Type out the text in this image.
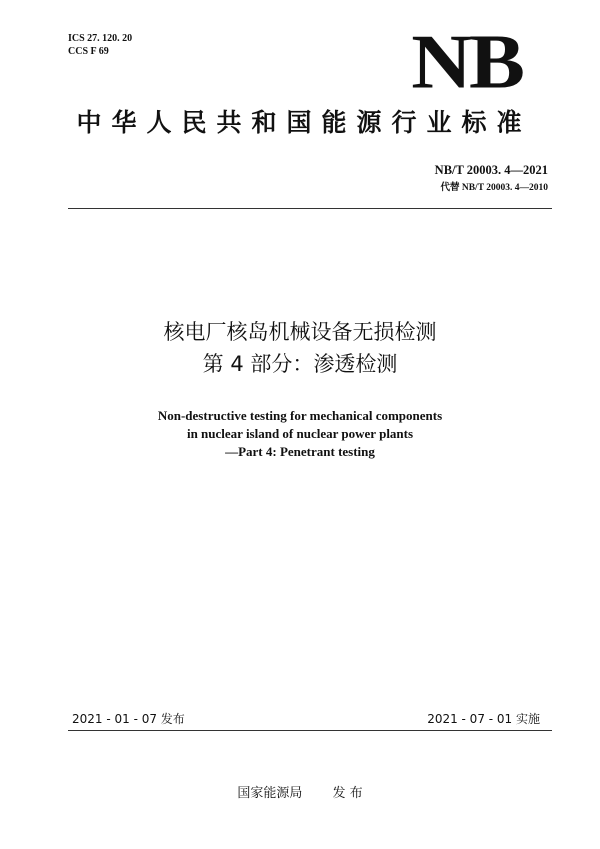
ICS 27. 120. 20
CCS F 69	NB
中华人民共和国能源行业标准
NB/T 20003. 4—2021
代替 NB/T 20003. 4—2010
核电厂核岛机械设备无损检测
第 4 部分：渗透检测
Non-destructive testing for mechanical components
in nuclear island of nuclear power plants
—Part 4: Penetrant testing
2021 - 01 - 07 发布	2021 - 07 - 01 实施
国家能源局 发 布
